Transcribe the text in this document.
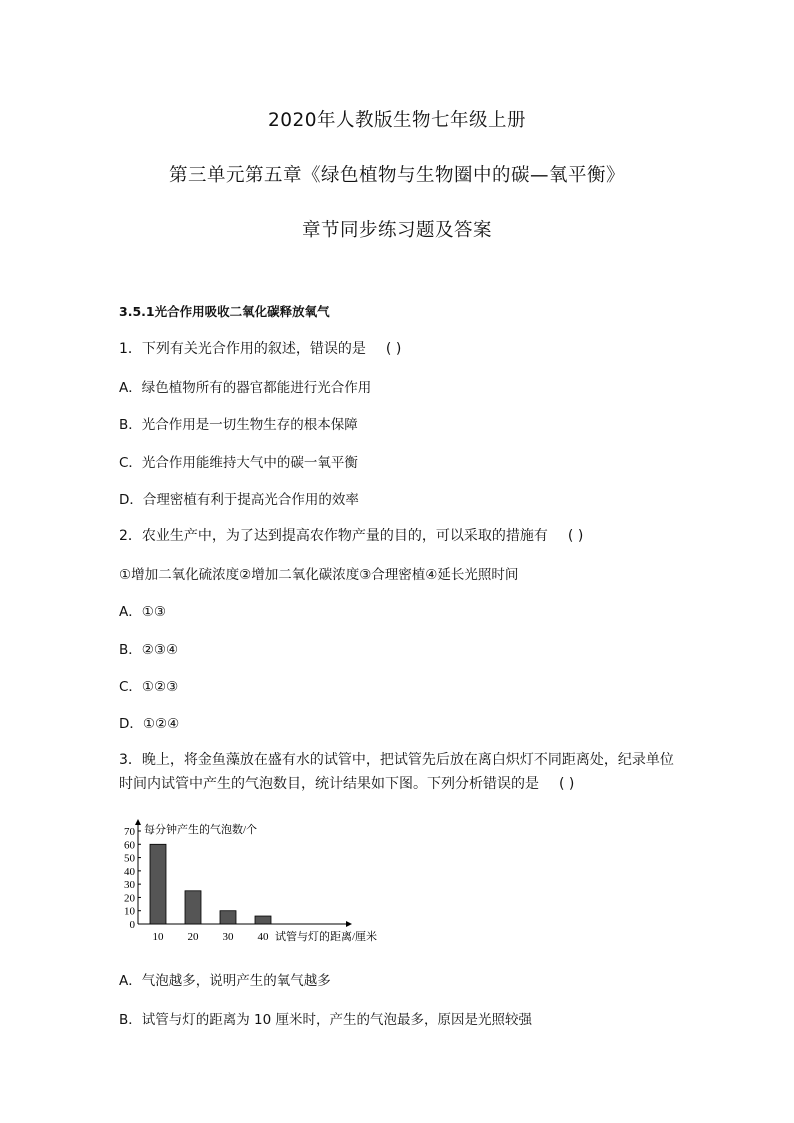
2020年人教版生物七年级上册
第三单元第五章《绿色植物与生物圈中的碳—氧平衡》
章节同步练习题及答案
3.5.1光合作用吸收二氧化碳释放氧气
1．下列有关光合作用的叙述，错误的是 ( )
A．绿色植物所有的器官都能进行光合作用
B．光合作用是一切生物生存的根本保障
C．光合作用能维持大气中的碳一氧平衡
D．合理密植有利于提高光合作用的效率
2．农业生产中，为了达到提高农作物产量的目的，可以采取的措施有 ( )
①增加二氧化硫浓度②增加二氧化碳浓度③合理密植④延长光照时间
A．①③
B．②③④
C．①②③
D．①②④
3．晚上，将金鱼藻放在盛有水的试管中，把试管先后放在离白炽灯不同距离处，纪录单位
时间内试管中产生的气泡数目，统计结果如下图。下列分析错误的是 ( )
0
10
20
30
40
50
60
70 每分钟产生的气泡数/个
10 20 30 40 试管与灯的距离/厘米
A．气泡越多，说明产生的氧气越多
B．试管与灯的距离为 10 厘米时，产生的气泡最多，原因是光照较强
